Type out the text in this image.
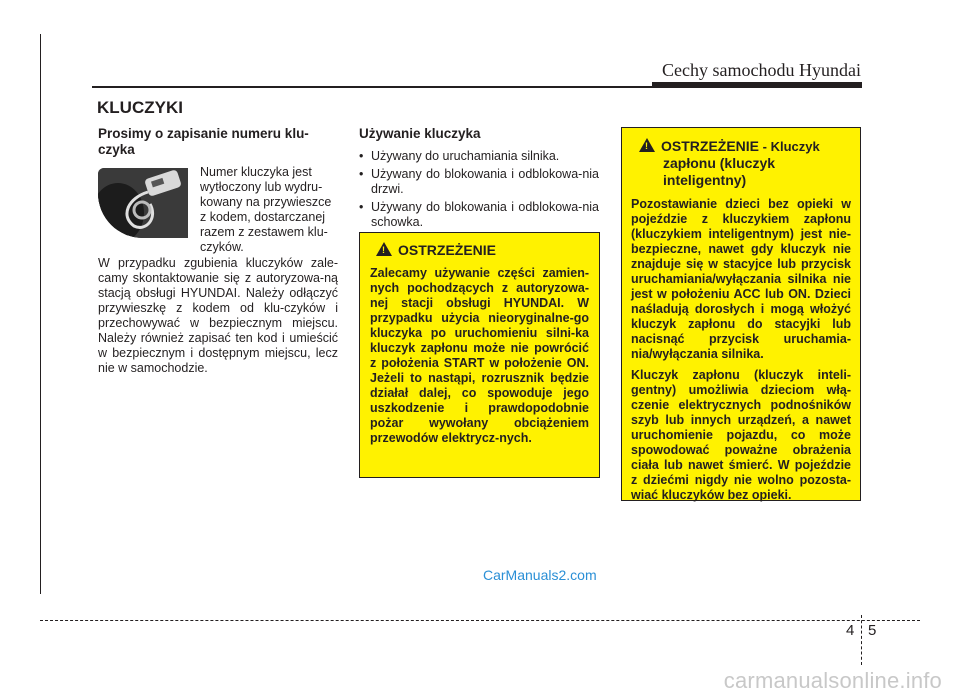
Cechy samochodu Hyundai
KLUCZYKI
Prosimy o zapisanie numeru klu-
czyka
Numer kluczyka jest
wytłoczony lub wydru-
kowany na przywieszce
z kodem, dostarczanej
razem z zestawem klu-
czyków.
W przypadku zgubienia kluczyków zale-camy skontaktowanie się z autoryzowa-ną stacją obsługi HYUNDAI. Należy odłączyć przywieszkę z kodem od klu-czyków i przechowywać w bezpiecznym miejscu. Należy również zapisać ten kod i umieścić w bezpiecznym i dostępnym miejscu, lecz nie w samochodzie.
Używanie kluczyka
• Używany do uruchamiania silnika.
• Używany do blokowania i odblokowa-nia drzwi.
• Używany do blokowania i odblokowa-nia schowka.
! OSTRZEŻENIE
Zalecamy używanie części zamien-nych pochodzących z autoryzowa-nej stacji obsługi HYUNDAI. W przypadku użycia nieoryginalne-go kluczyka po uruchomieniu silni-ka kluczyk zapłonu może nie powrócić z położenia START w położenie ON. Jeżeli to nastąpi, rozrusznik będzie działał dalej, co spowoduje jego uszkodzenie i prawdopodobnie pożar wywołany obciążeniem przewodów elektrycz-nych.
! OSTRZEŻENIE - Kluczyk
zapłonu (kluczyk
inteligentny)
Pozostawianie dzieci bez opieki w pojeździe z kluczykiem zapłonu (kluczykiem inteligentnym) jest nie-bezpieczne, nawet gdy kluczyk nie znajduje się w stacyjce lub przycisk uruchamiania/wyłączania silnika nie jest w położeniu ACC lub ON. Dzieci naśladują dorosłych i mogą włożyć kluczyk zapłonu do stacyjki lub nacisnąć przycisk uruchamia-nia/wyłączania silnika.
Kluczyk zapłonu (kluczyk inteli-gentny) umożliwia dzieciom włą-czenie elektrycznych podnośników szyb lub innych urządzeń, a nawet uruchomienie pojazdu, co może spowodować poważne obrażenia ciała lub nawet śmierć. W pojeździe z dziećmi nigdy nie wolno pozosta-wiać kluczyków bez opieki.
CarManuals2.com
4 5
carmanualsonline.info
